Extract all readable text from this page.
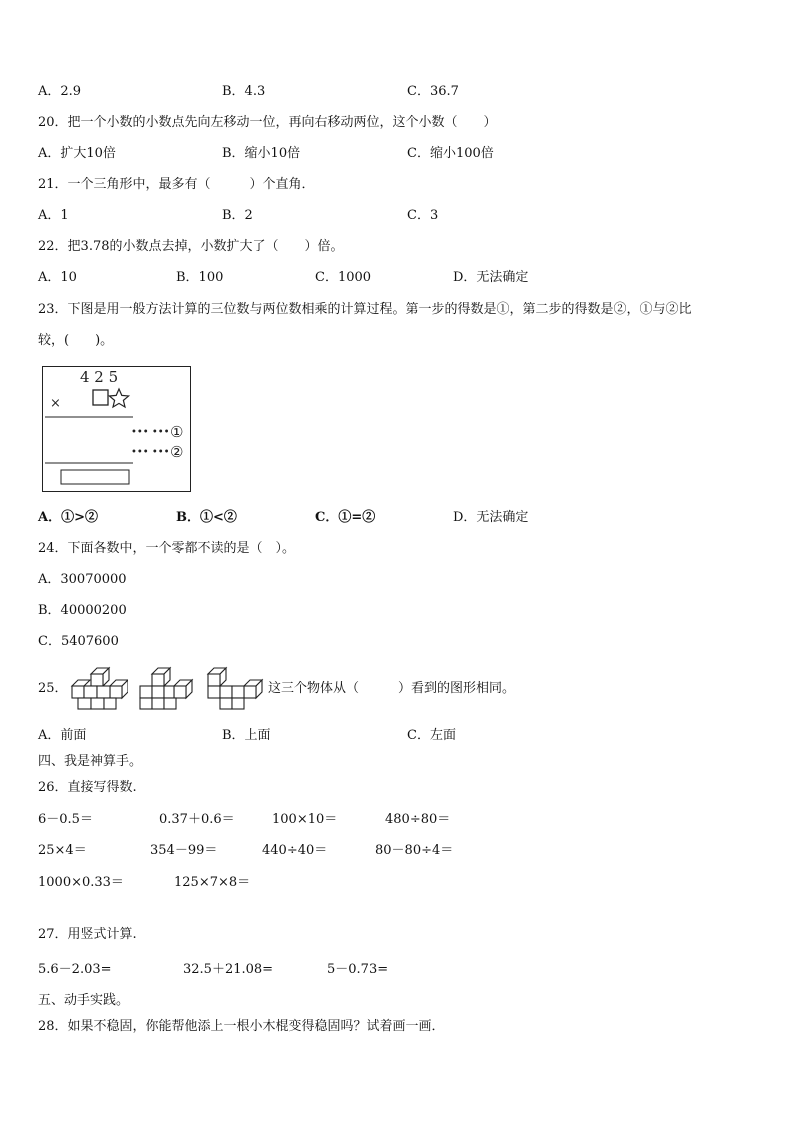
A．2.9	B．4.3	C．36.7
20．把一个小数的小数点先向左移动一位，再向右移动两位，这个小数（　　）
A．扩大10倍	B．缩小10倍	C．缩小100倍
21．一个三角形中，最多有（　　　）个直角．
A．1	B．2	C．3
22．把3.78的小数点去掉，小数扩大了（　　）倍。
A．10	B．100	C．1000	D．无法确定
23．下图是用一般方法计算的三位数与两位数相乘的计算过程。第一步的得数是①，第二步的得数是②，①与②比
较，(　　)。
4 2 5
×
••• ••• ①
••• ••• ②
A．①>②	B．①<②	C．①=②	D．无法确定
24．下面各数中，一个零都不读的是（　）。
A．30070000
B．40000200
C．5407600
25．	这三个物体从（　　　）看到的图形相同。
A．前面	B．上面	C．左面
四、我是神算手。
26．直接写得数.
6－0.5＝	0.37＋0.6＝	100×10＝	480÷80＝
25×4＝	354－99＝	440÷40＝	80－80÷4＝
1000×0.33＝	125×7×8＝
27．用竖式计算.
5.6－2.03=	32.5＋21.08=	5－0.73=
五、动手实践。
28．如果不稳固，你能帮他添上一根小木棍变得稳固吗？试着画一画．
